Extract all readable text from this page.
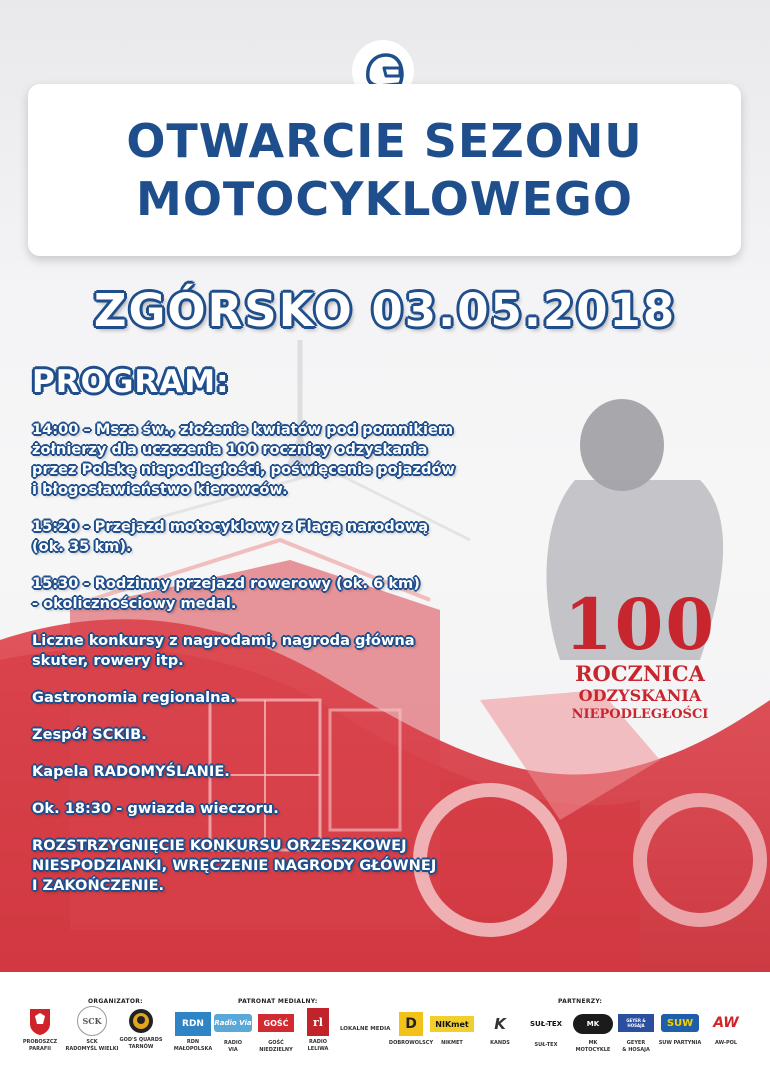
OTWARCIE SEZONU
MOTOCYKLOWEGO
ZGÓRSKO 03.05.2018
PROGRAM:
14:00 – Msza św., złożenie kwiatów pod pomnikiem
żołnierzy dla uczczenia 100 rocznicy odzyskania
przez Polskę niepodległości, poświęcenie pojazdów
i błogosławieństwo kierowców.
15:20 - Przejazd motocyklowy z Flagą narodową
(ok. 35 km).
15:30 - Rodzinny przejazd rowerowy (ok. 6 km)
- okolicznościowy medal.
Liczne konkursy z nagrodami, nagroda główna
skuter, rowery itp.
Gastronomia regionalna.
Zespół SCKIB.
Kapela RADOMYŚLANIE.
Ok. 18:30 - gwiazda wieczoru.
ROZSTRZYGNIĘCIE KONKURSU ORZESZKOWEJ
NIESPODZIANKI, WRĘCZENIE NAGRODY GŁÓWNEJ
I ZAKOŃCZENIE.
100
ROCZNICA
ODZYSKANIA
NIEPODLEGŁOŚCI
ORGANIZATOR:	PATRONAT MEDIALNY:	PARTNERZY:
PROBOSZCZ
PARAFII
SCK
SCK
RADOMYŚL WIELKI
GOD'S QUARDS
TARNÓW
RDN
RDN
MAŁOPOLSKA
Radio Via
RADIO
VIA
GOŚĆ
GOŚĆ
NIEDZIELNY
rl
RADIO
LELIWA
LOKALNE MEDIA	D
DOBROWOLSCY
NIKmet
NIKMET
K
KANDS
SUŁ-TEX
SUŁ-TEX
MK
MK
MOTOCYKLE
GEYER & HOSAJA
GEYER
& HOSAJA
SUW
SUW PARTYNIA
AW
AW-POL
